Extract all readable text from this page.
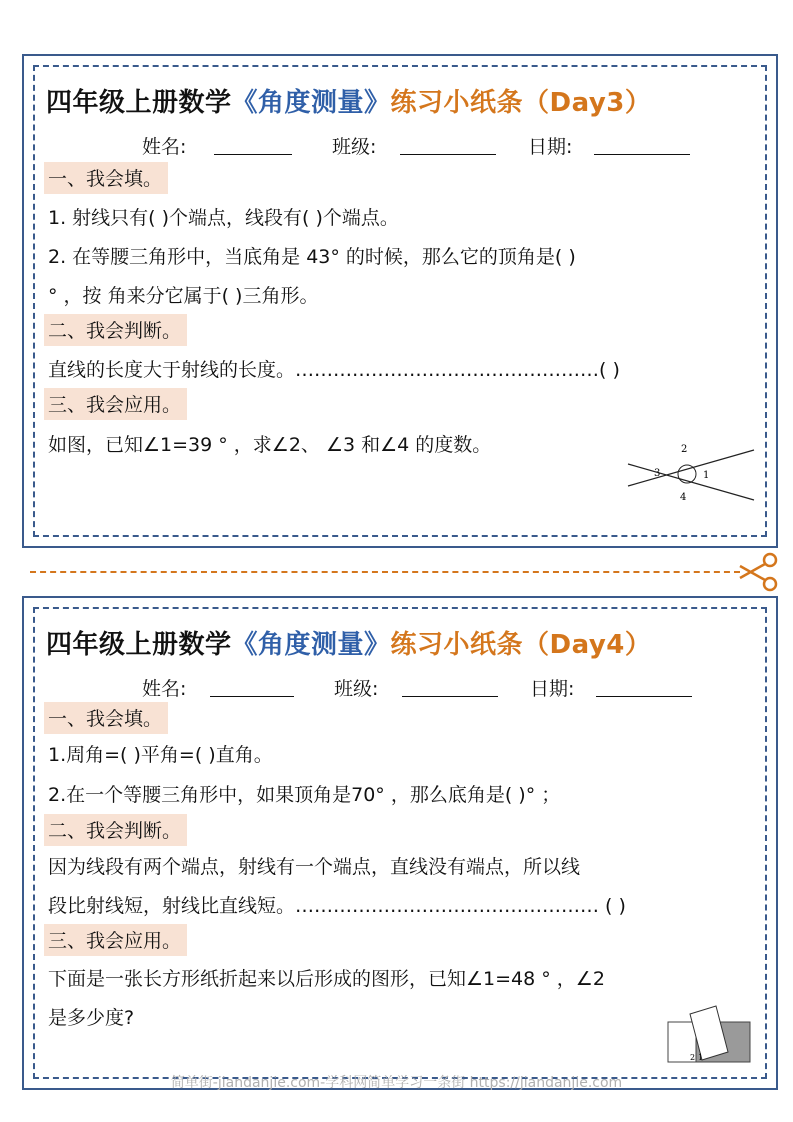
四年级上册数学《角度测量》练习小纸条（Day3）
姓名:	班级:	日期:
一、我会填。
1. 射线只有( )个端点，线段有( )个端点。
2. 在等腰三角形中，当底角是 43° 的时候，那么它的顶角是( )
° ，按 角来分它属于( )三角形。
二、我会判断。
直线的长度大于射线的长度。…………………………………………( )
三、我会应用。
如图，已知∠1=39 ° ，求∠2、 ∠3 和∠4 的度数。	2
3	1
4
四年级上册数学《角度测量》练习小纸条（Day4）
姓名:	班级:	日期:
一、我会填。
1.周角=( )平角=( )直角。
2.在一个等腰三角形中，如果顶角是70° ，那么底角是( )° ；
二、我会判断。
因为线段有两个端点，射线有一个端点，直线没有端点，所以线
段比射线短，射线比直线短。………………………………………… ( )
三、我会应用。
下面是一张长方形纸折起来以后形成的图形，已知∠1=48 ° ，∠2
是多少度?
2 1
简单街-jiandanjie.com-学科网简单学习一条街 https://jiandanjie.com
